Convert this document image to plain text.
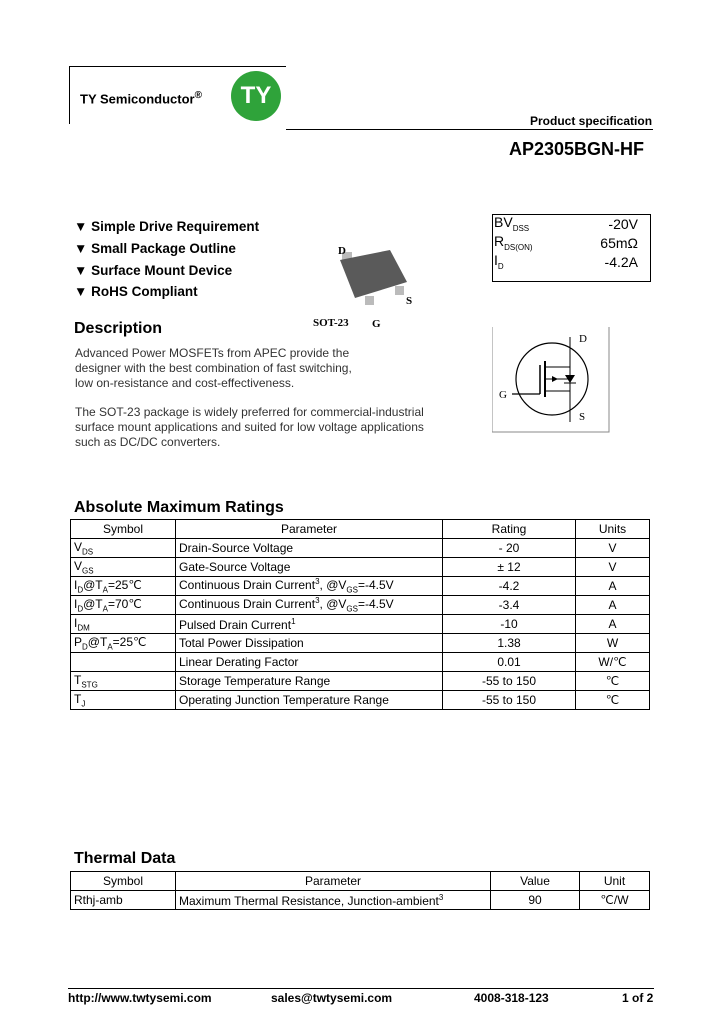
TY Semiconductor®	TY
Product specification
AP2305BGN-HF
▼ Simple Drive Requirement
▼ Small Package Outline
▼ Surface Mount Device
▼ RoHS Compliant
D
S
G
SOT-23
$BV_{DSS}$	-20V
$R_{DS(ON)}$	65mΩ
$I_D$	-4.2A
Description
Advanced Power MOSFETs from APEC provide the
designer with the best combination of fast switching,
low on-resistance and cost-effectiveness.
The SOT-23 package is widely preferred for commercial-industrial
surface mount applications and suited for low voltage applications
such as DC/DC converters.
D
G
S
Absolute Maximum Ratings
Symbol	Parameter	Rating	Units
$V_{DS}$	Drain-Source Voltage	- 20	V
$V_{GS}$	Gate-Source Voltage	± 12	V
$I_D@T_A=25℃$	Continuous Drain Current$^3$, $@V_{GS}=-4.5V$	-4.2	A
$I_D@T_A=70℃$	Continuous Drain Current$^3$, $@V_{GS}=-4.5V$	-3.4	A
$I_{DM}$	Pulsed Drain Current$^1$	-10	A
$P_D@T_A=25℃$	Total Power Dissipation	1.38	W
	Linear Derating Factor	0.01	W/℃
$T_{STG}$	Storage Temperature Range	-55 to 150	℃
$T_J$	Operating Junction Temperature Range	-55 to 150	℃
Thermal Data
Symbol	Parameter	Value	Unit
Rthj-amb	Maximum Thermal Resistance, Junction-ambient$^3$	90	℃/W
http://www.twtysemi.com	sales@twtysemi.com	4008-318-123	1 of 2
